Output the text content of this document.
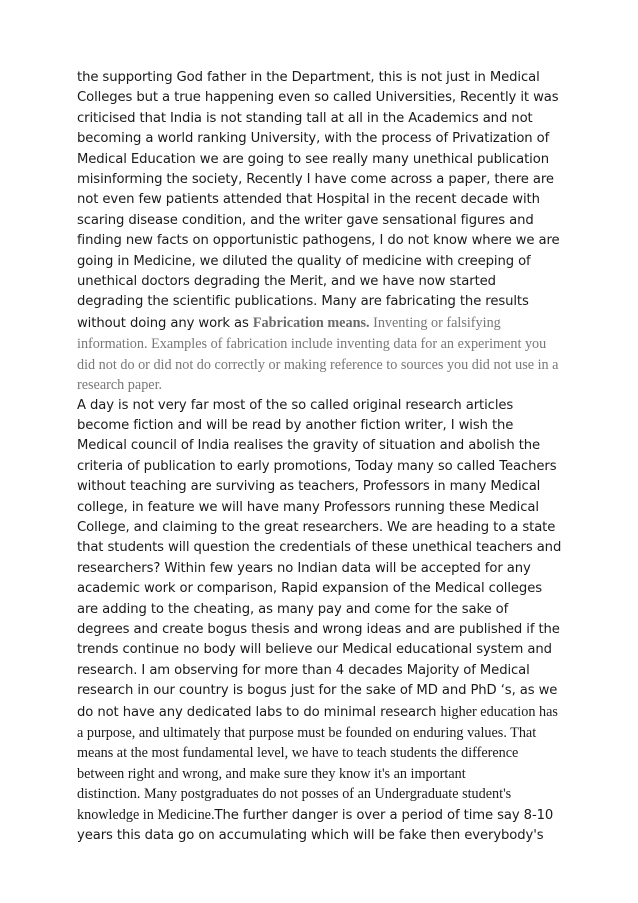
the supporting God father in the Department, this is not just in Medical
Colleges but a true happening even so called Universities, Recently it was
criticised that India is not standing tall at all in the Academics and not
becoming a world ranking University, with the process of Privatization of
Medical Education we are going to see really many unethical publication
misinforming the society, Recently I have come across a paper, there are
not even few patients attended that Hospital in the recent decade with
scaring disease condition, and the writer gave sensational figures and
finding new facts on opportunistic pathogens, I do not know where we are
going in Medicine, we diluted the quality of medicine with creeping of
unethical doctors degrading the Merit, and we have now started
degrading the scientific publications. Many are fabricating the results
without doing any work as Fabrication means. Inventing or falsifying
information. Examples of fabrication include inventing data for an experiment you
did not do or did not do correctly or making reference to sources you did not use in a
research paper.
A day is not very far most of the so called original research articles
become fiction and will be read by another fiction writer, I wish the
Medical council of India realises the gravity of situation and abolish the
criteria of publication to early promotions, Today many so called Teachers
without teaching are surviving as teachers, Professors in many Medical
college, in feature we will have many Professors running these Medical
College, and claiming to the great researchers. We are heading to a state
that students will question the credentials of these unethical teachers and
researchers? Within few years no Indian data will be accepted for any
academic work or comparison, Rapid expansion of the Medical colleges
are adding to the cheating, as many pay and come for the sake of
degrees and create bogus thesis and wrong ideas and are published if the
trends continue no body will believe our Medical educational system and
research. I am observing for more than 4 decades Majority of Medical
research in our country is bogus just for the sake of MD and PhD ‘s, as we
do not have any dedicated labs to do minimal research higher education has
a purpose, and ultimately that purpose must be founded on enduring values. That
means at the most fundamental level, we have to teach students the difference
between right and wrong, and make sure they know it's an important
distinction. Many postgraduates do not posses of an Undergraduate student's
knowledge in Medicine.The further danger is over a period of time say 8-10
years this data go on accumulating which will be fake then everybody's
